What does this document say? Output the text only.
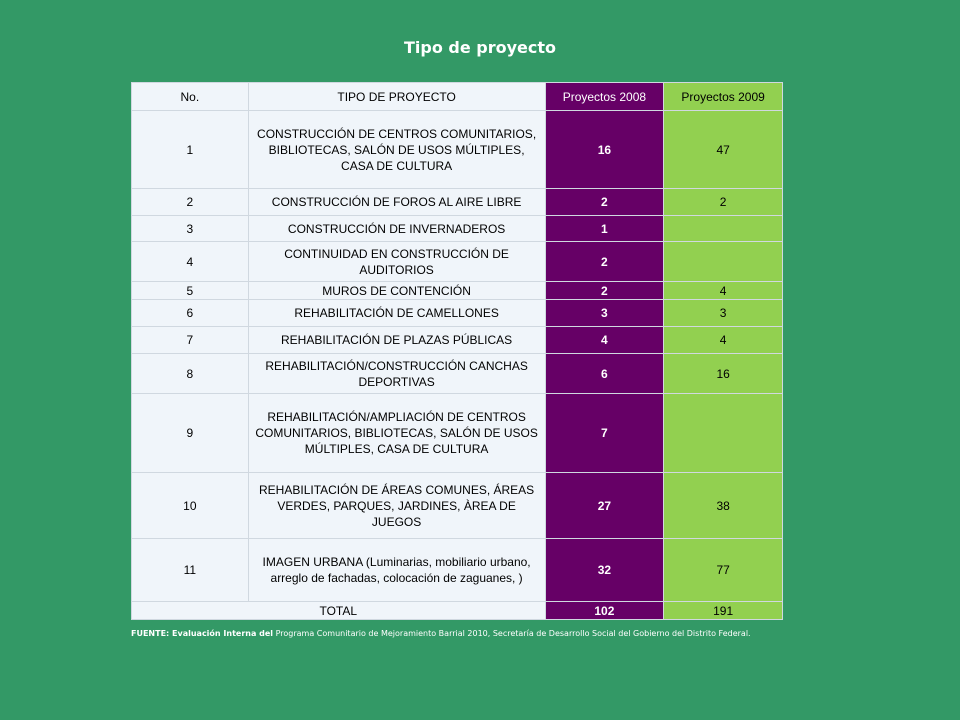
Tipo de proyecto
No.	TIPO DE PROYECTO	Proyectos 2008	Proyectos 2009
1	CONSTRUCCIÓN DE CENTROS COMUNITARIOS, BIBLIOTECAS, SALÓN DE USOS MÚLTIPLES, CASA DE CULTURA	16	47
2	CONSTRUCCIÓN DE FOROS AL AIRE LIBRE	2	2
3	CONSTRUCCIÓN DE INVERNADEROS	1	
4	CONTINUIDAD EN CONSTRUCCIÓN DE AUDITORIOS	2	
5	MUROS DE CONTENCIÓN	2	4
6	REHABILITACIÓN DE CAMELLONES	3	3
7	REHABILITACIÓN DE PLAZAS PÚBLICAS	4	4
8	REHABILITACIÓN/CONSTRUCCIÓN CANCHAS DEPORTIVAS	6	16
9	REHABILITACIÓN/AMPLIACIÓN DE CENTROS COMUNITARIOS, BIBLIOTECAS, SALÓN DE USOS MÚLTIPLES, CASA DE CULTURA	7	
10	REHABILITACIÓN DE ÁREAS COMUNES, ÁREAS VERDES, PARQUES, JARDINES, ÀREA DE JUEGOS	27	38
11	IMAGEN URBANA (Luminarias, mobiliario urbano, arreglo de fachadas, colocación de zaguanes, )	32	77
TOTAL		102	191
FUENTE: Evaluación Interna del Programa Comunitario de Mejoramiento Barrial 2010, Secretaría de Desarrollo Social del Gobierno del Distrito Federal.
